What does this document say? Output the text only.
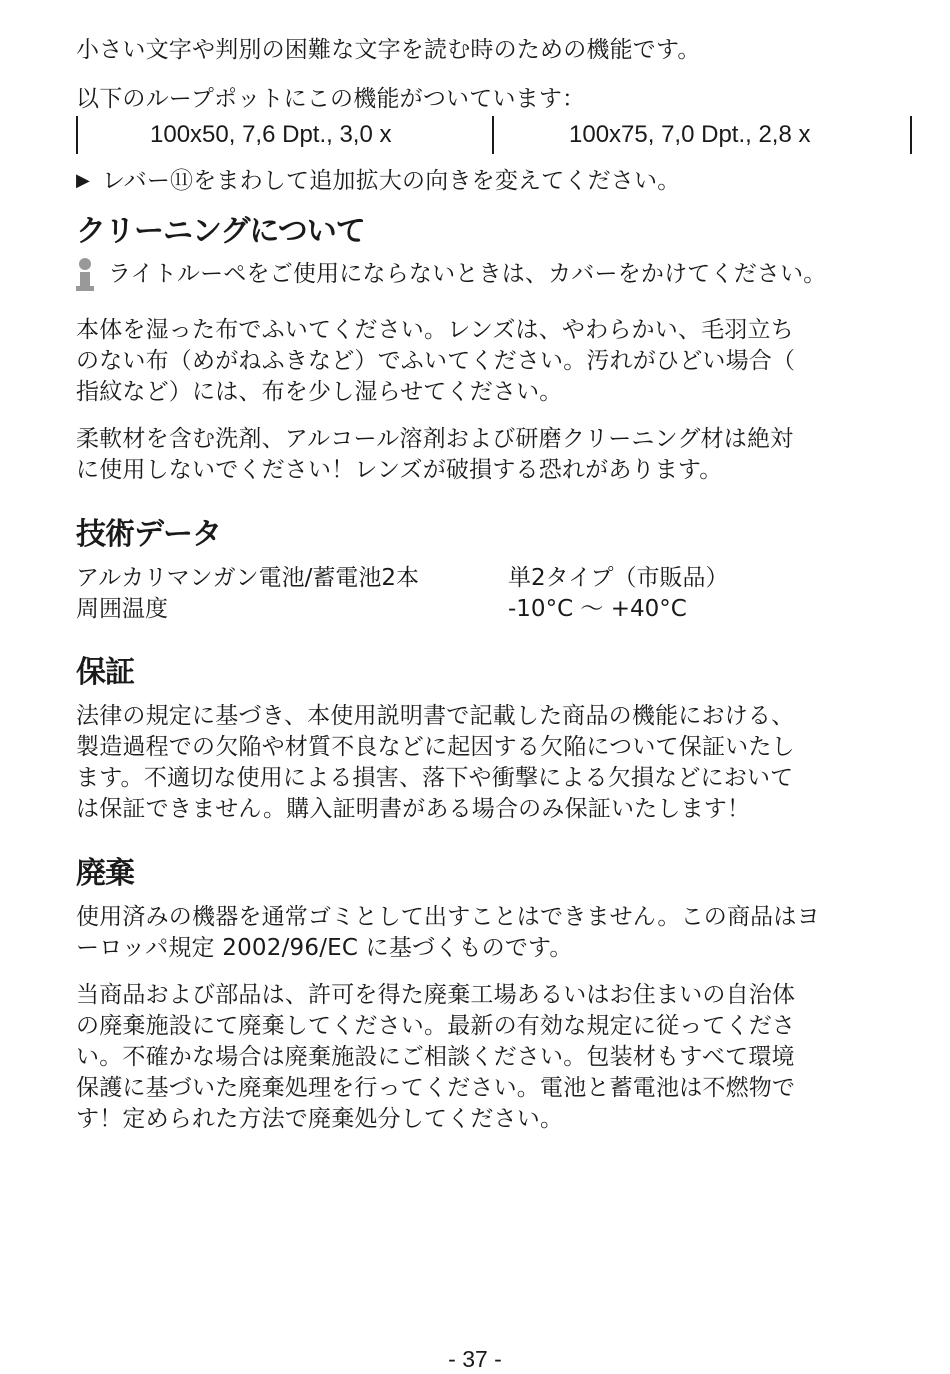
小さい文字や判別の困難な文字を読む時のための機能です。

以下のループポットにこの機能がついています：

100x50, 7,6 Dpt., 3,0 x	100x75, 7,0 Dpt., 2,8 x
▶ レバー⑪をまわして追加拡大の向きを変えてください。
クリーニングについて
ライトルーペをご使用にならないときは、カバーをかけてください。

本体を湿った布でふいてください。レンズは、やわらかい、毛羽立ち

のない布（めがねふきなど）でふいてください。汚れがひどい場合（

指紋など）には、布を少し湿らせてください。

柔軟材を含む洗剤、アルコール溶剤および研磨クリーニング材は絶対

に使用しないでください！レンズが破損する恐れがあります。

技術データ
アルカリマンガン電池/蓄電池2本	単2タイプ（市販品）
周囲温度	-10°C ～ +40°C
保証

法律の規定に基づき、本使用説明書で記載した商品の機能における、

製造過程での欠陥や材質不良などに起因する欠陥について保証いたし

ます。不適切な使用による損害、落下や衝撃による欠損などにおいて

は保証できません。購入証明書がある場合のみ保証いたします！

廃棄

使用済みの機器を通常ゴミとして出すことはできません。この商品はヨ

ーロッパ規定 2002/96/EC に基づくものです。

当商品および部品は、許可を得た廃棄工場あるいはお住まいの自治体

の廃棄施設にて廃棄してください。最新の有効な規定に従ってくださ

い。不確かな場合は廃棄施設にご相談ください。包装材もすべて環境

保護に基づいた廃棄処理を行ってください。電池と蓄電池は不燃物で

す！定められた方法で廃棄処分してください。

- 37 -
